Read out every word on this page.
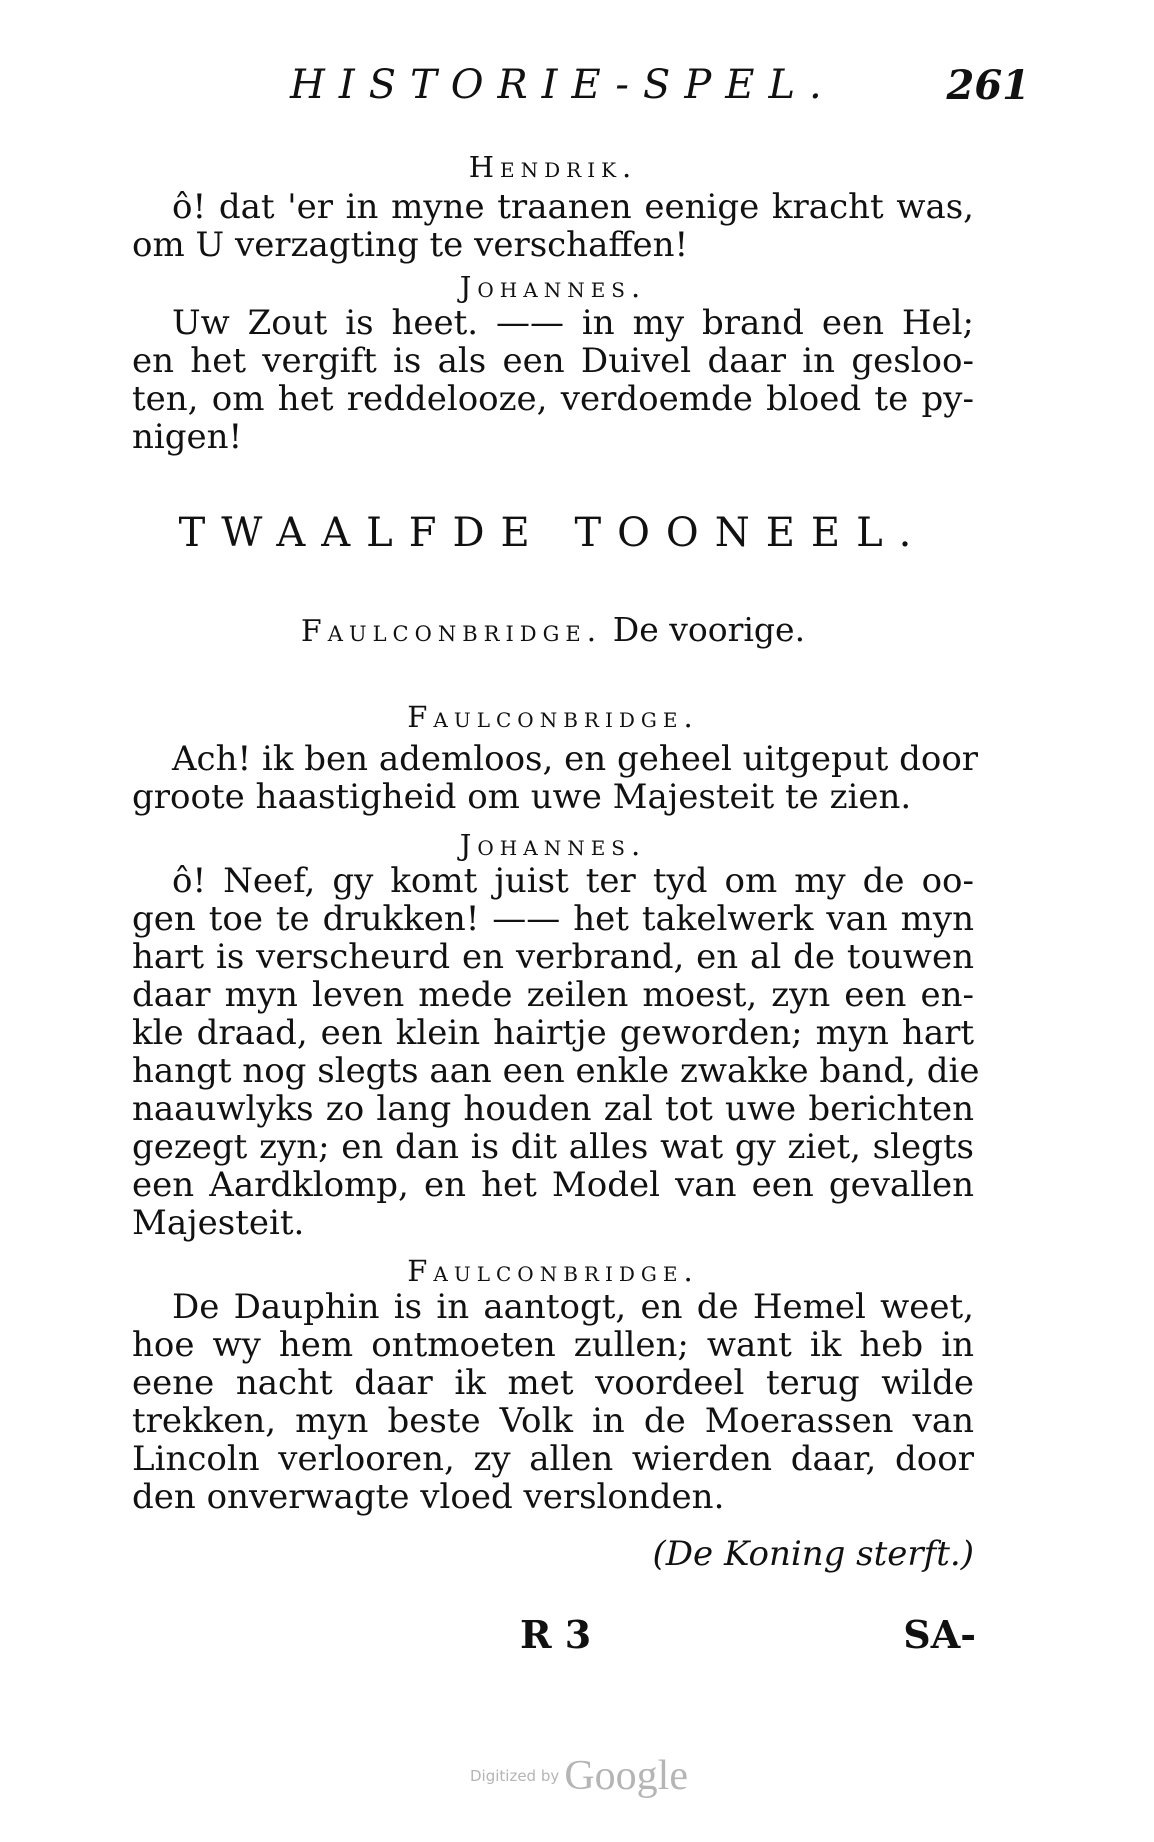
HISTORIE-SPEL.	261
Hendrik.
ô! dat 'er in myne traanen eenige kracht was,
om U verzagting te verschaffen!
Johannes.
Uw Zout is heet. —— in my brand een Hel;
en het vergift is als een Duivel daar in gesloo-
ten, om het reddelooze, verdoemde bloed te py-
nigen!
TWAALFDE TOONEEL.
Faulconbridge. De voorige.
Faulconbridge.
Ach! ik ben ademloos, en geheel uitgeput door
groote haastigheid om uwe Majesteit te zien.
Johannes.
ô! Neef, gy komt juist ter tyd om my de oo-
gen toe te drukken! —— het takelwerk van myn
hart is verscheurd en verbrand, en al de touwen
daar myn leven mede zeilen moest, zyn een en-
kle draad, een klein hairtje geworden; myn hart
hangt nog slegts aan een enkle zwakke band, die
naauwlyks zo lang houden zal tot uwe berichten
gezegt zyn; en dan is dit alles wat gy ziet, slegts
een Aardklomp, en het Model van een gevallen
Majesteit.
Faulconbridge.
De Dauphin is in aantogt, en de Hemel weet,
hoe wy hem ontmoeten zullen; want ik heb in
eene nacht daar ik met voordeel terug wilde
trekken, myn beste Volk in de Moerassen van
Lincoln verlooren, zy allen wierden daar, door
den onverwagte vloed verslonden.
(De Koning sterft.)
R 3	SA-
Digitized by Google
